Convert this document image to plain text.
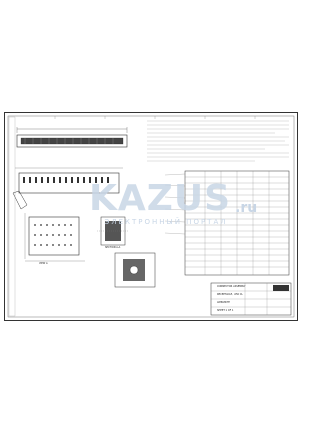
CONNECTOR ASSEMBLY
RECEPTACLE, .050 CL
AMPLIMITE
SHEET 1 OF 1
VIEW A
SECTION A-A
KAZUS .ru
ЭЛЕКТРОННЫЙ ПОРТАЛ
